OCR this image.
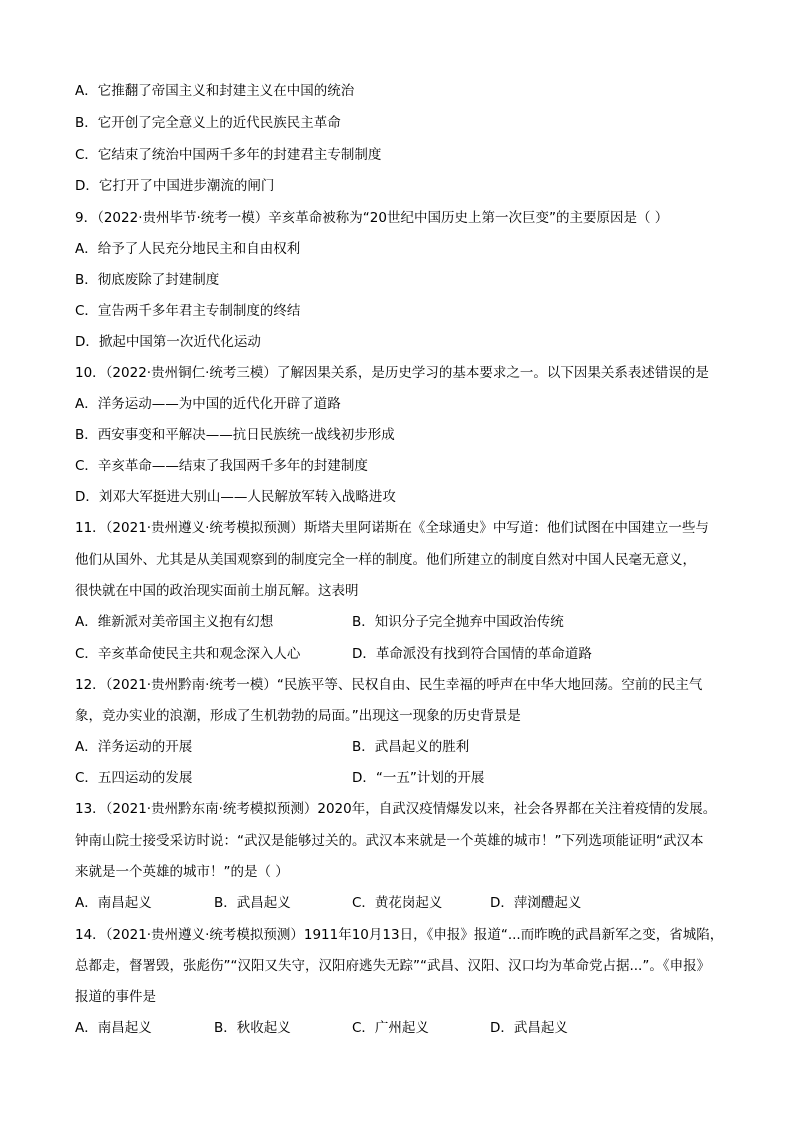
A．它推翻了帝国主义和封建主义在中国的统治
B．它开创了完全意义上的近代民族民主革命
C．它结束了统治中国两千多年的封建君主专制制度
D．它打开了中国进步潮流的闸门
9．（2022·贵州毕节·统考一模）辛亥革命被称为“20世纪中国历史上第一次巨变”的主要原因是（ ）
A．给予了人民充分地民主和自由权利
B．彻底废除了封建制度
C．宣告两千多年君主专制制度的终结
D．掀起中国第一次近代化运动
10．（2022·贵州铜仁·统考三模）了解因果关系，是历史学习的基本要求之一。以下因果关系表述错误的是
A．洋务运动——为中国的近代化开辟了道路
B．西安事变和平解决——抗日民族统一战线初步形成
C．辛亥革命——结束了我国两千多年的封建制度
D．刘邓大军挺进大别山——人民解放军转入战略进攻
11．（2021·贵州遵义·统考模拟预测）斯塔夫里阿诺斯在《全球通史》中写道：他们试图在中国建立一些与
他们从国外、尤其是从美国观察到的制度完全一样的制度。他们所建立的制度自然对中国人民毫无意义，
很快就在中国的政治现实面前土崩瓦解。这表明
A．维新派对美帝国主义抱有幻想	B．知识分子完全抛弃中国政治传统
C．辛亥革命使民主共和观念深入人心	D．革命派没有找到符合国情的革命道路
12．（2021·贵州黔南·统考一模）“民族平等、民权自由、民生幸福的呼声在中华大地回荡。空前的民主气
象，竞办实业的浪潮，形成了生机勃勃的局面。”出现这一现象的历史背景是
A．洋务运动的开展	B．武昌起义的胜利
C．五四运动的发展	D．“一五”计划的开展
13．（2021·贵州黔东南·统考模拟预测）2020年，自武汉疫情爆发以来，社会各界都在关注着疫情的发展。
钟南山院士接受采访时说：“武汉是能够过关的。武汉本来就是一个英雄的城市！”下列选项能证明“武汉本
来就是一个英雄的城市！”的是（ ）
A．南昌起义	B．武昌起义	C．黄花岗起义	D．萍浏醴起义
14．（2021·贵州遵义·统考模拟预测）1911年10月13日，《申报》报道“...而昨晚的武昌新军之变，省城陷，
总都走，督署毁，张彪伤”“汉阳又失守，汉阳府逃失无踪”“武昌、汉阳、汉口均为革命党占据...”。《申报》
报道的事件是
A．南昌起义	B．秋收起义	C．广州起义	D．武昌起义
